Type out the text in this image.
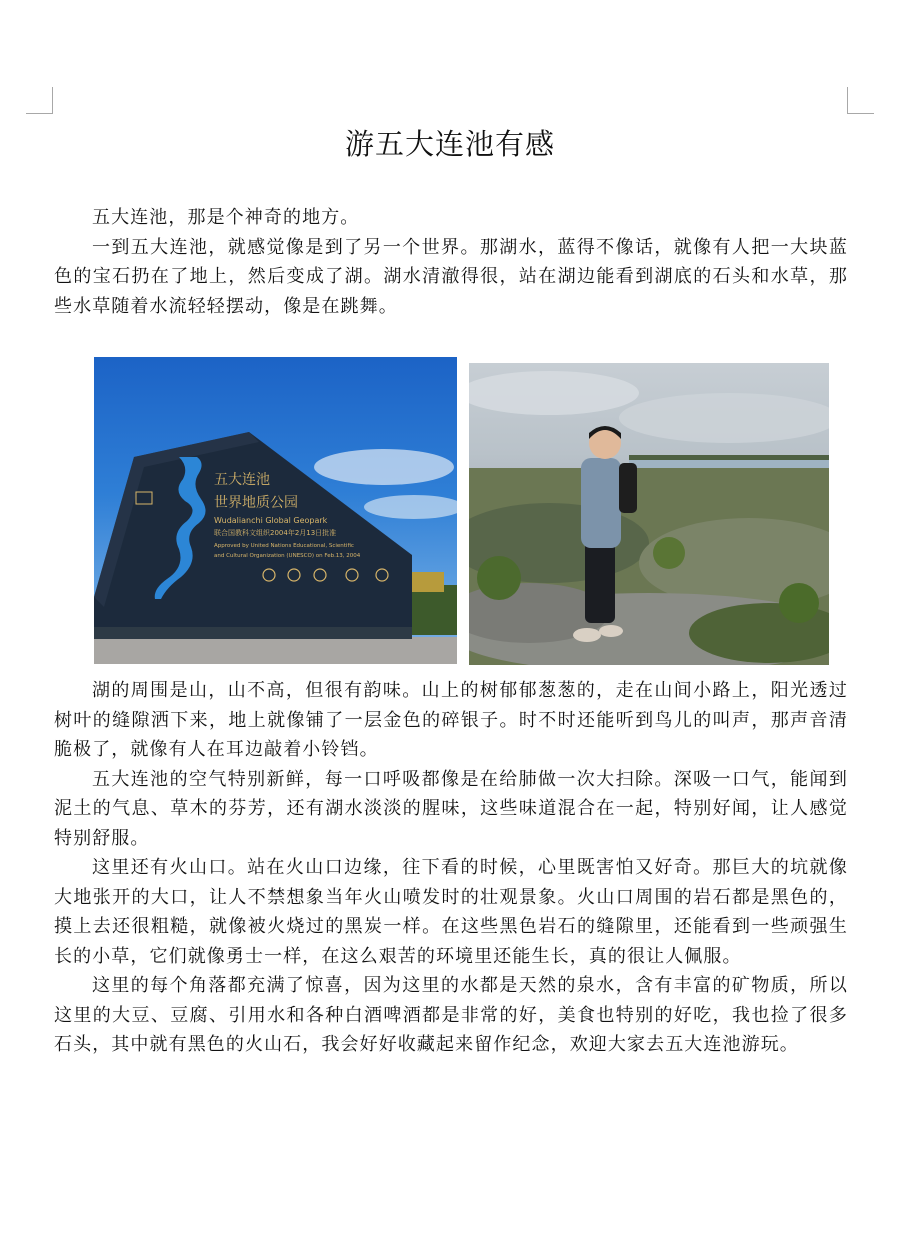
游五大连池有感

五大连池，那是个神奇的地方。

一到五大连池，就感觉像是到了另一个世界。那湖水，蓝得不像话，就像有人把一大块蓝色的宝石扔在了地上，然后变成了湖。湖水清澈得很，站在湖边能看到湖底的石头和水草，那些水草随着水流轻轻摆动，像是在跳舞。

五大连池
世界地质公园
Wudalianchi Global Geopark
联合国教科文组织2004年2月13日批准
Approved by United Nations Educational, Scientific
and Cultural Organization (UNESCO) on Feb.13, 2004

湖的周围是山，山不高，但很有韵味。山上的树郁郁葱葱的，走在山间小路上，阳光透过树叶的缝隙洒下来，地上就像铺了一层金色的碎银子。时不时还能听到鸟儿的叫声，那声音清脆极了，就像有人在耳边敲着小铃铛。

五大连池的空气特别新鲜，每一口呼吸都像是在给肺做一次大扫除。深吸一口气，能闻到泥土的气息、草木的芬芳，还有湖水淡淡的腥味，这些味道混合在一起，特别好闻，让人感觉特别舒服。

这里还有火山口。站在火山口边缘，往下看的时候，心里既害怕又好奇。那巨大的坑就像大地张开的大口，让人不禁想象当年火山喷发时的壮观景象。火山口周围的岩石都是黑色的，摸上去还很粗糙，就像被火烧过的黑炭一样。在这些黑色岩石的缝隙里，还能看到一些顽强生长的小草，它们就像勇士一样，在这么艰苦的环境里还能生长，真的很让人佩服。

这里的每个角落都充满了惊喜，因为这里的水都是天然的泉水，含有丰富的矿物质，所以这里的大豆、豆腐、引用水和各种白酒啤酒都是非常的好，美食也特别的好吃，我也捡了很多石头，其中就有黑色的火山石，我会好好收藏起来留作纪念，欢迎大家去五大连池游玩。
